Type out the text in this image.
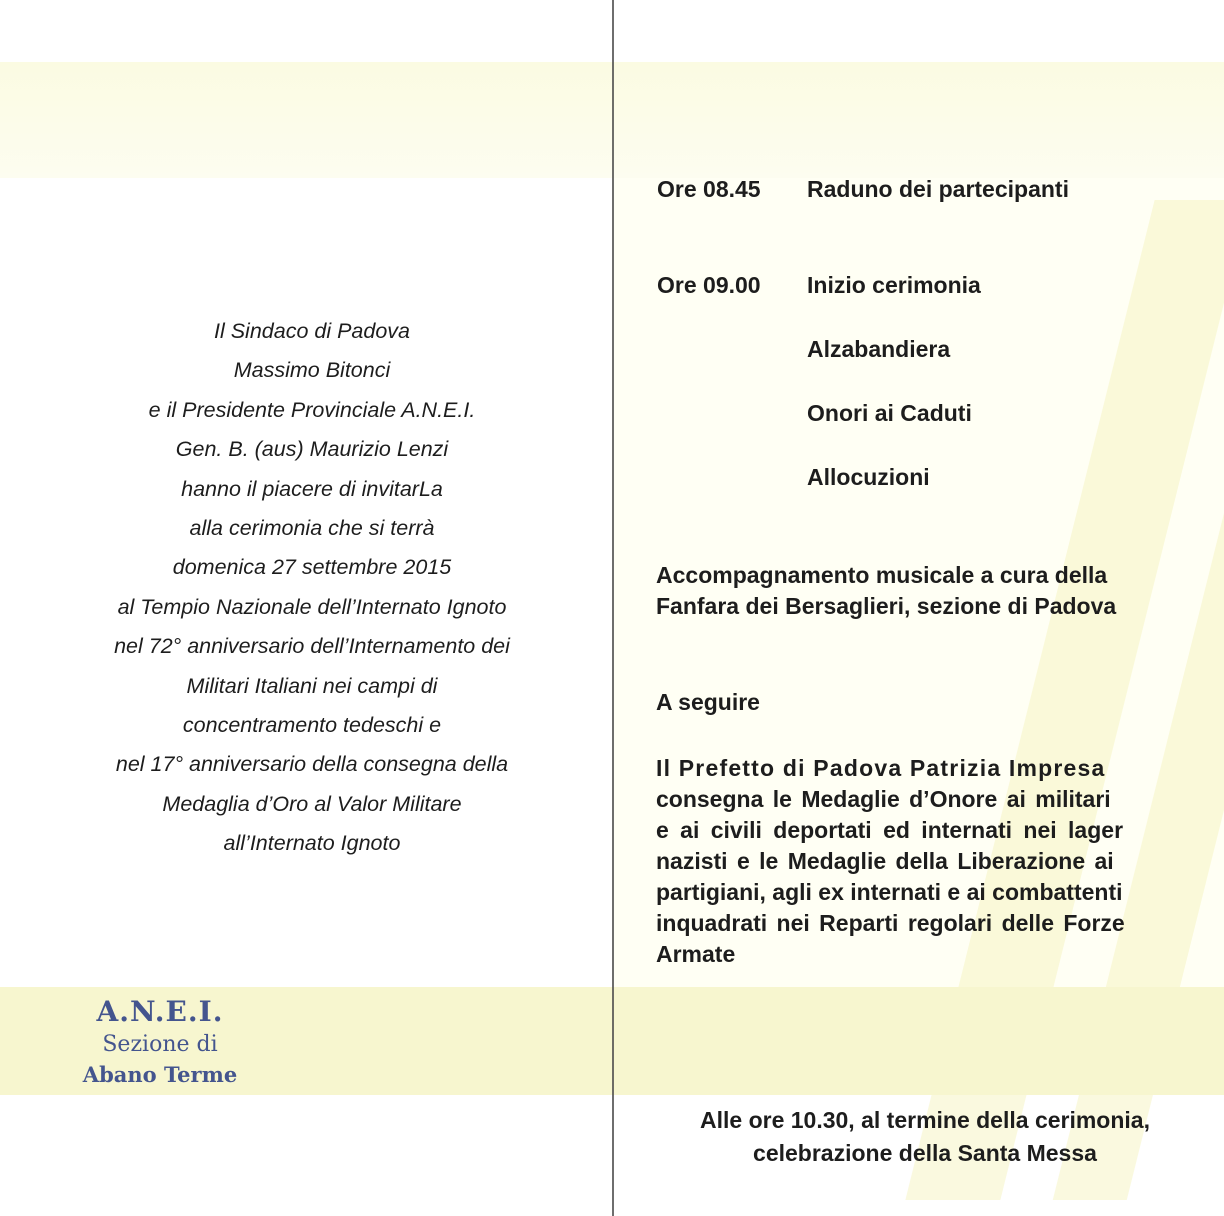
Il Sindaco di Padova
Massimo Bitonci
e il Presidente Provinciale A.N.E.I.
Gen. B. (aus) Maurizio Lenzi
hanno il piacere di invitarLa
alla cerimonia che si terrà
domenica 27 settembre 2015
al Tempio Nazionale dell’Internato Ignoto
nel 72° anniversario dell’Internamento dei
Militari Italiani nei campi di
concentramento tedeschi e
nel 17° anniversario della consegna della
Medaglia d’Oro al Valor Militare
all’Internato Ignoto
A.N.E.I.
Sezione di
Abano Terme
Ore 08.45 Raduno dei partecipanti
Ore 09.00 Inizio cerimonia
Alzabandiera
Onori ai Caduti
Allocuzioni
Accompagnamento musicale a cura della
Fanfara dei Bersaglieri, sezione di Padova
A seguire
Il Prefetto di Padova Patrizia Impresa
consegna le Medaglie d’Onore ai militari
e ai civili deportati ed internati nei lager
nazisti e le Medaglie della Liberazione ai
partigiani, agli ex internati e ai combattenti
inquadrati nei Reparti regolari delle Forze
Armate
Alle ore 10.30, al termine della cerimonia,
celebrazione della Santa Messa
